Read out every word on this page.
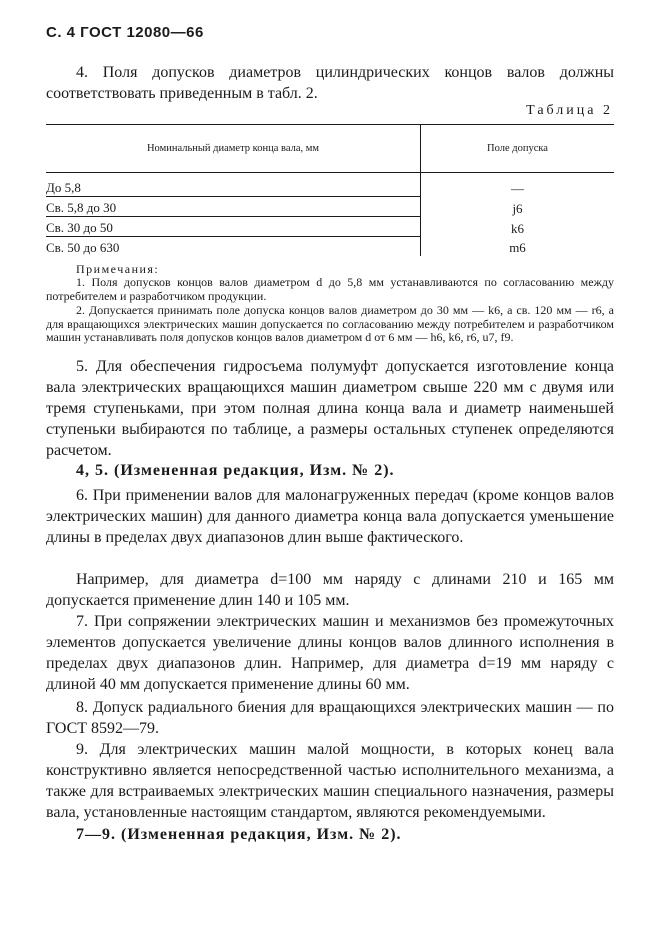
С. 4 ГОСТ 12080—66

4. Поля допусков диаметров цилиндрических концов валов должны соответствовать приведенным в табл. 2.

Таблица 2
Номинальный диаметр конца вала, мм	Поле допуска
До 5,8	—
Св. 5,8 до 30	j6
Св. 30 до 50	k6
Св. 50 до 630	m6
Примечания:

1. Поля допусков концов валов диаметром d до 5,8 мм устанавливаются по согласованию между потребителем и разработчиком продукции.

2. Допускается принимать поле допуска концов валов диаметром до 30 мм — k6, а св. 120 мм — r6, а для вращающихся электрических машин допускается по согласованию между потребителем и разработчиком машин устанавливать поля допусков концов валов диаметром d от 6 мм — h6, k6, r6, u7, f9.

5. Для обеспечения гидросъема полумуфт допускается изготовление конца вала электрических вращающихся машин диаметром свыше 220 мм с двумя или тремя ступеньками, при этом полная длина конца вала и диаметр наименьшей ступеньки выбираются по таблице, а размеры остальных ступенек определяются расчетом.

4, 5. (Измененная редакция, Изм. № 2).

6. При применении валов для малонагруженных передач (кроме концов валов электрических машин) для данного диаметра конца вала допускается уменьшение длины в пределах двух диапазонов длин выше фактического.

Например, для диаметра d=100 мм наряду с длинами 210 и 165 мм допускается применение длин 140 и 105 мм.

7. При сопряжении электрических машин и механизмов без промежуточных элементов допускается увеличение длины концов валов длинного исполнения в пределах двух диапазонов длин. Например, для диаметра d=19 мм наряду с длиной 40 мм допускается применение длины 60 мм.

8. Допуск радиального биения для вращающихся электрических машин — по ГОСТ 8592—79.

9. Для электрических машин малой мощности, в которых конец вала конструктивно является непосредственной частью исполнительного механизма, а также для встраиваемых электрических машин специального назначения, размеры вала, установленные настоящим стандартом, являются рекомендуемыми.

7—9. (Измененная редакция, Изм. № 2).
